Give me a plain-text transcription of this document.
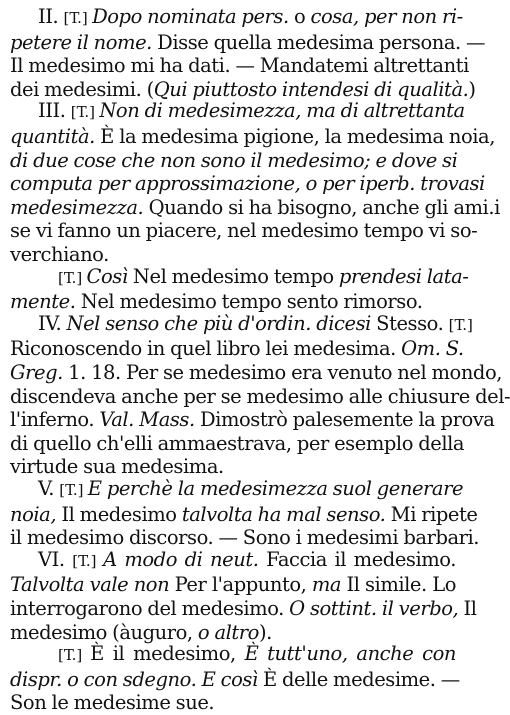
II. [T.] Dopo nominata pers. o cosa, per non ri-
petere il nome. Disse quella medesima persona. —
Il medesimo mi ha dati. — Mandatemi altrettanti
dei medesimi. (Qui piuttosto intendesi di qualità.)
III. [T.] Non di medesimezza, ma di altrettanta
quantità. È la medesima pigione, la medesima noia,
di due cose che non sono il medesimo; e dove si
computa per approssimazione, o per iperb. trovasi
medesimezza. Quando si ha bisogno, anche gli ami.i
se vi fanno un piacere, nel medesimo tempo vi so-
verchiano.
[T.] Così Nel medesimo tempo prendesi lata-
mente. Nel medesimo tempo sento rimorso.
IV. Nel senso che più d'ordin. dicesi Stesso. [T.]
Riconoscendo in quel libro lei medesima. Om. S.
Greg. 1. 18. Per se medesimo era venuto nel mondo,
discendeva anche per se medesimo alle chiusure del-
l'inferno. Val. Mass. Dimostrò palesemente la prova
di quello ch'elli ammaestrava, per esemplo della
virtude sua medesima.
V. [T.] E perchè la medesimezza suol generare
noia, Il medesimo talvolta ha mal senso. Mi ripete
il medesimo discorso. — Sono i medesimi barbari.
VI. [T.] A modo di neut. Faccia il medesimo.
Talvolta vale non Per l'appunto, ma Il simile. Lo
interrogarono del medesimo. O sottint. il verbo, Il
medesimo (àuguro, o altro).
[T.] È il medesimo, È tutt'uno, anche con
dispr. o con sdegno. E così È delle medesime. —
Son le medesime sue.
